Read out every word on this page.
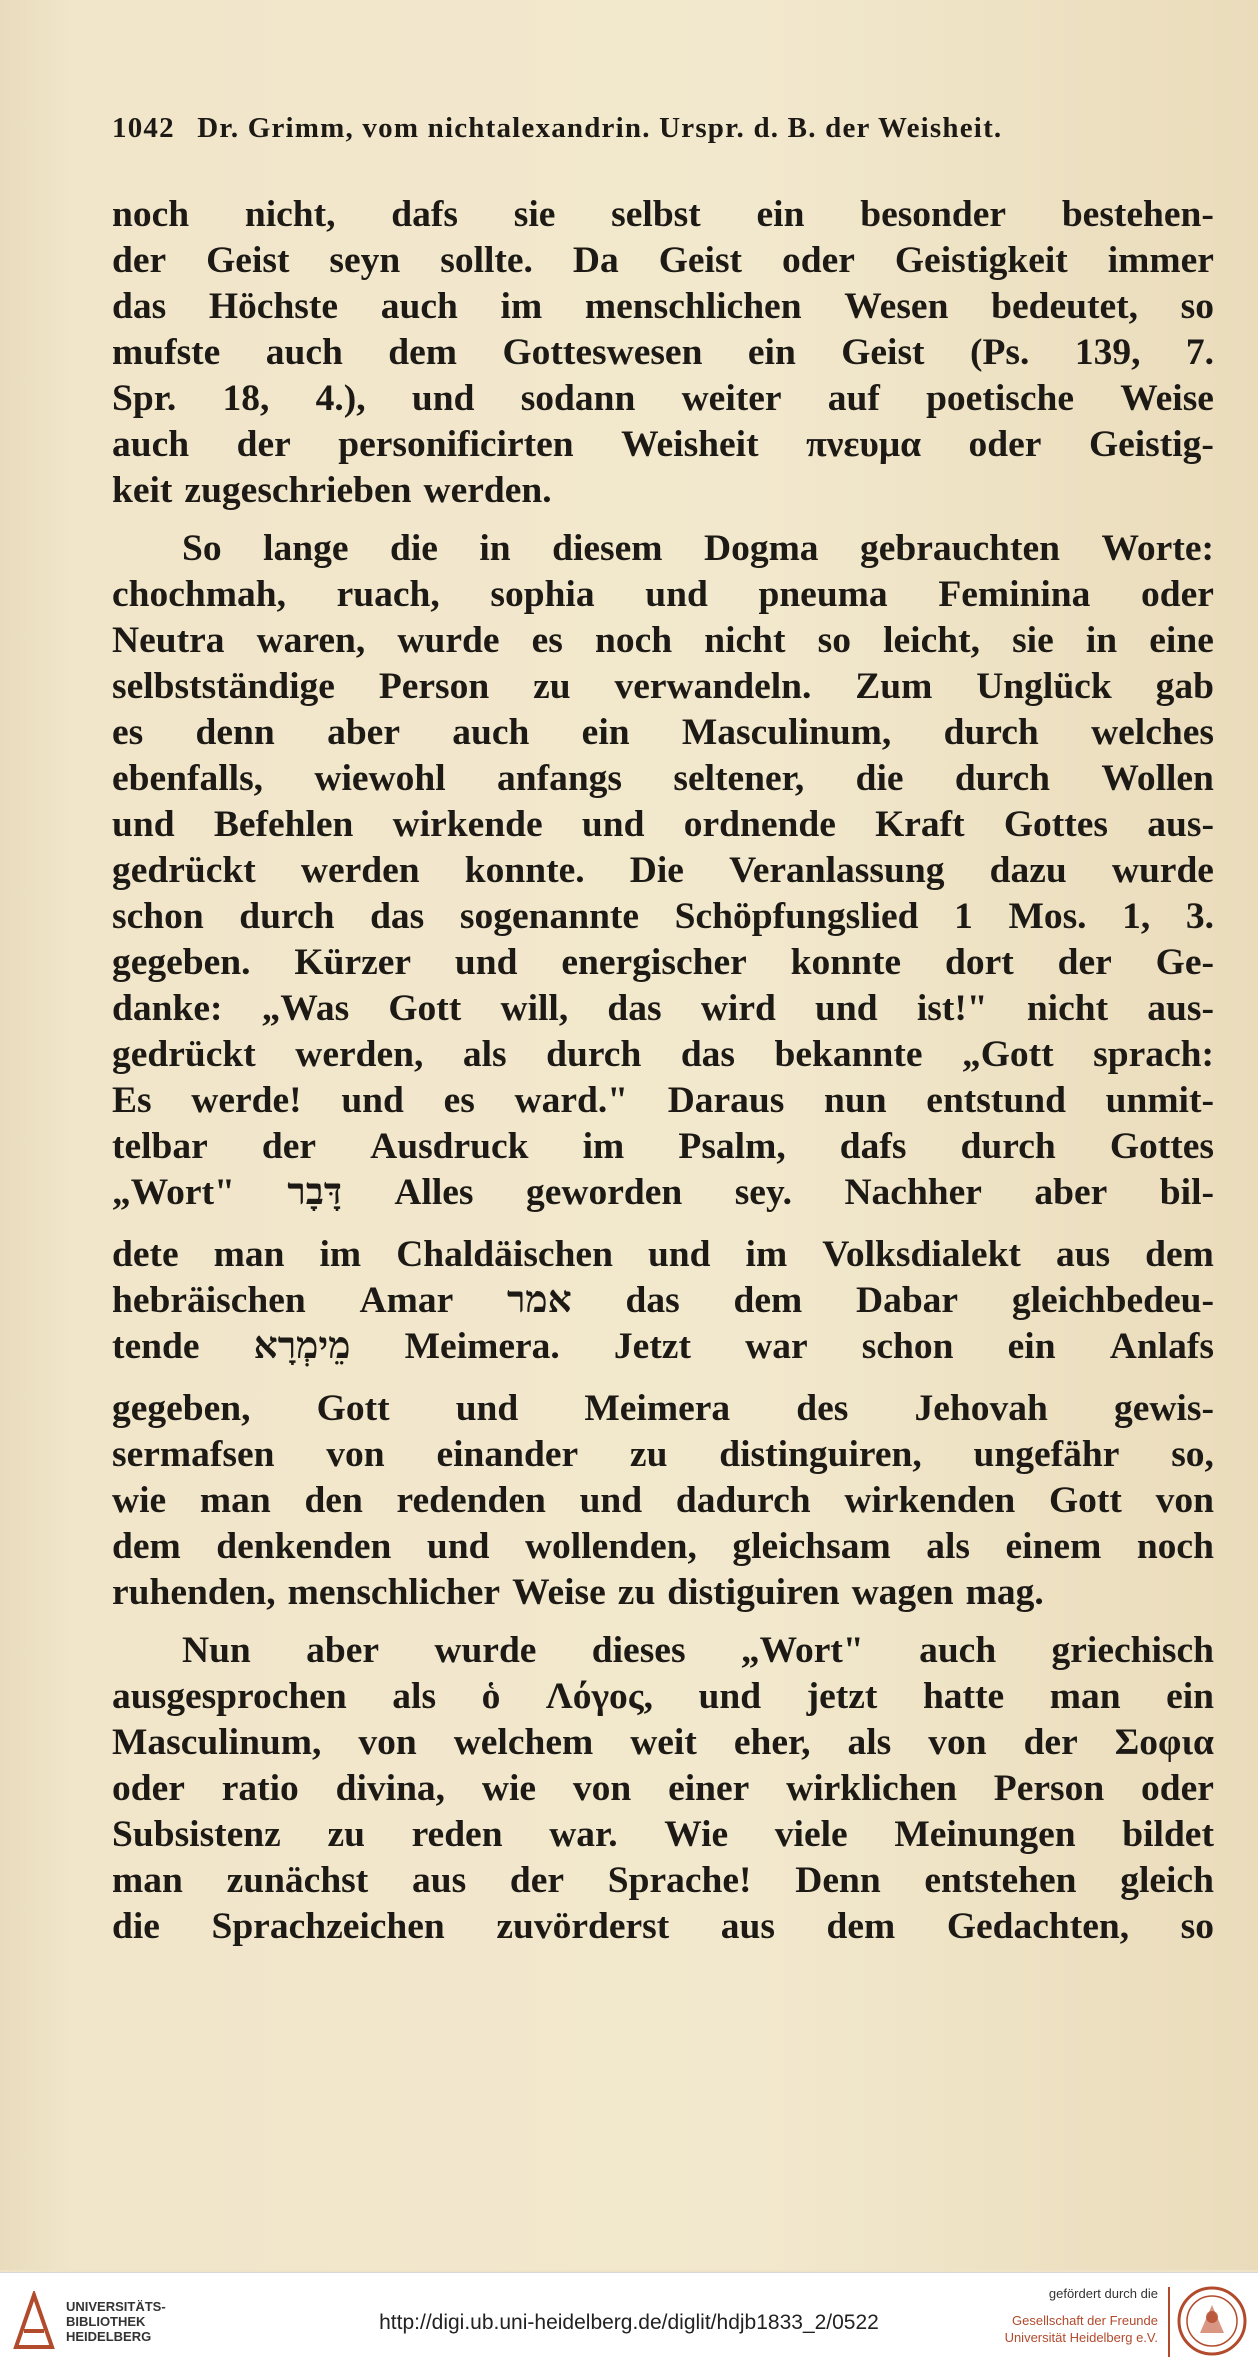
1042 Dr. Grimm, vom nichtalexandrin. Urspr. d. B. der Weisheit.
noch nicht, dafs sie selbst ein besonder bestehen-
der Geist seyn sollte. Da Geist oder Geistigkeit immer
das Höchste auch im menschlichen Wesen bedeutet, so
mufste auch dem Gotteswesen ein Geist (Ps. 139, 7.
Spr. 18, 4.), und sodann weiter auf poetische Weise
auch der personificirten Weisheit πνευμα oder Geistig-
keit zugeschrieben werden.
So lange die in diesem Dogma gebrauchten Worte:
chochmah, ruach, sophia und pneuma Feminina oder
Neutra waren, wurde es noch nicht so leicht, sie in eine
selbstständige Person zu verwandeln. Zum Unglück gab
es denn aber auch ein Masculinum, durch welches
ebenfalls, wiewohl anfangs seltener, die durch Wollen
und Befehlen wirkende und ordnende Kraft Gottes aus-
gedrückt werden konnte. Die Veranlassung dazu wurde
schon durch das sogenannte Schöpfungslied 1 Mos. 1, 3.
gegeben. Kürzer und energischer konnte dort der Ge-
danke: „Was Gott will, das wird und ist!" nicht aus-
gedrückt werden, als durch das bekannte „Gott sprach:
Es werde! und es ward." Daraus nun entstund unmit-
telbar der Ausdruck im Psalm, dafs durch Gottes
„Wort" דָּבָר Alles geworden sey. Nachher aber bil-
dete man im Chaldäischen und im Volksdialekt aus dem
hebräischen Amar אמר das dem Dabar gleichbedeu-
tende מֵימְרָא Meimera. Jetzt war schon ein Anlafs
gegeben, Gott und Meimera des Jehovah gewis-
sermafsen von einander zu distinguiren, ungefähr so,
wie man den redenden und dadurch wirkenden Gott von
dem denkenden und wollenden, gleichsam als einem noch
ruhenden, menschlicher Weise zu distiguiren wagen mag.
Nun aber wurde dieses „Wort" auch griechisch
ausgesprochen als ὁ Λόγος, und jetzt hatte man ein
Masculinum, von welchem weit eher, als von der Σοφια
oder ratio divina, wie von einer wirklichen Person oder
Subsistenz zu reden war. Wie viele Meinungen bildet
man zunächst aus der Sprache! Denn entstehen gleich
die Sprachzeichen zuvörderst aus dem Gedachten, so
UNIVERSITÄTS-
BIBLIOTHEK
HEIDELBERG
http://digi.ub.uni-heidelberg.de/diglit/hdjb1833_2/0522
gefördert durch die
Gesellschaft der Freunde
Universität Heidelberg e.V.
